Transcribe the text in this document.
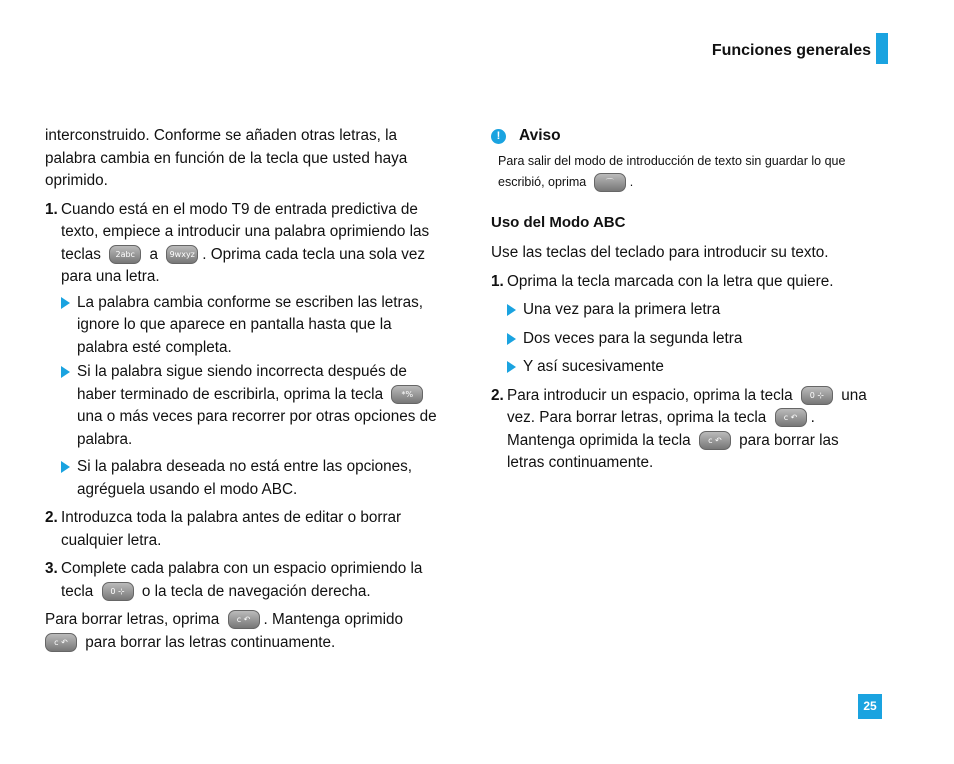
Funciones generales

interconstruido. Conforme se añaden otras letras, la palabra cambia en función de la tecla que usted haya oprimido.

1. Cuando está en el modo T9 de entrada predictiva de texto, empiece a introducir una palabra oprimiendo las teclas 2abc a 9wxyz . Oprima cada tecla una sola vez para una letra.

La palabra cambia conforme se escriben las letras, ignore lo que aparece en pantalla hasta que la palabra esté completa.

Si la palabra sigue siendo incorrecta después de haber terminado de escribirla, oprima la tecla *% una o más veces para recorrer por otras opciones de palabra.

Si la palabra deseada no está entre las opciones, agréguela usando el modo ABC.

2. Introduzca toda la palabra antes de editar o borrar cualquier letra.

3. Complete cada palabra con un espacio oprimiendo la tecla 0 ⊹ o la tecla de navegación derecha.

Para borrar letras, oprima c ↶ . Mantenga oprimido c ↶ para borrar las letras continuamente.

!	Aviso

Para salir del modo de introducción de texto sin guardar lo que escribió, oprima ⌒ .

Uso del Modo ABC

Use las teclas del teclado para introducir su texto.

1. Oprima la tecla marcada con la letra que quiere.

Una vez para la primera letra

Dos veces para la segunda letra

Y así sucesivamente

2. Para introducir un espacio, oprima la tecla 0 ⊹ una vez. Para borrar letras, oprima la tecla c ↶ . Mantenga oprimida la tecla c ↶ para borrar las letras continuamente.

25
